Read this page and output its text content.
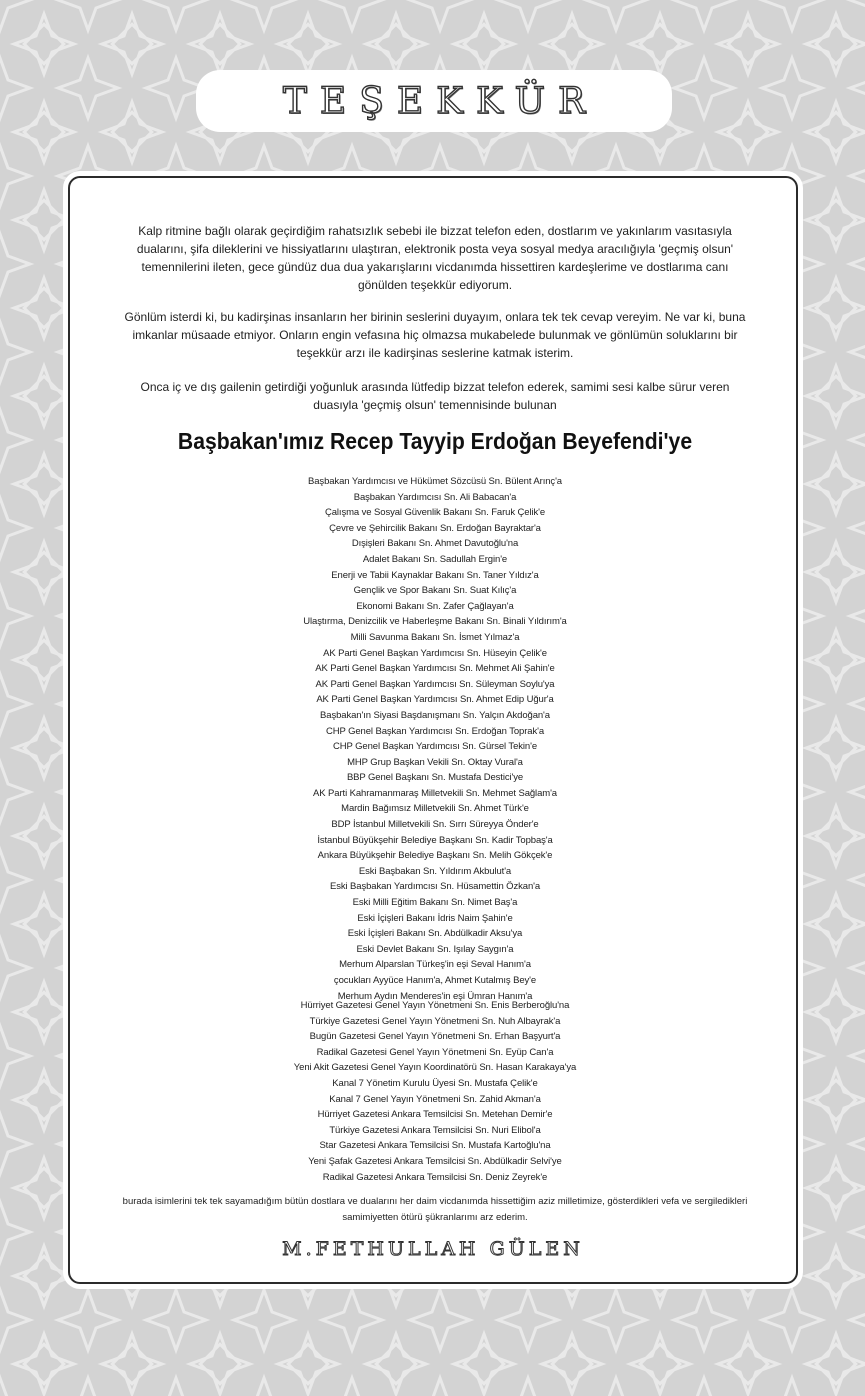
TEŞEKKÜR

Kalp ritmine bağlı olarak geçirdiğim rahatsızlık sebebi ile bizzat telefon eden, dostlarım ve yakınlarım vasıtasıyla dualarını, şifa dileklerini ve hissiyatlarını ulaştıran, elektronik posta veya sosyal medya aracılığıyla 'geçmiş olsun' temennilerini ileten, gece gündüz dua dua yakarışlarını vicdanımda hissettiren kardeşlerime ve dostlarıma canı gönülden teşekkür ediyorum.

Gönlüm isterdi ki, bu kadirşinas insanların her birinin seslerini duyayım, onlara tek tek cevap vereyim. Ne var ki, buna imkanlar müsaade etmiyor. Onların engin vefasına hiç olmazsa mukabelede bulunmak ve gönlümün soluklarını bir teşekkür arzı ile kadirşinas seslerine katmak isterim.

Onca iç ve dış gailenin getirdiği yoğunluk arasında lütfedip bizzat telefon ederek, samimi sesi kalbe sürur veren duasıyla 'geçmiş olsun' temennisinde bulunan

Başbakan'ımız Recep Tayyip Erdoğan Beyefendi'ye
Başbakan Yardımcısı ve Hükümet Sözcüsü Sn. Bülent Arınç'a
Başbakan Yardımcısı Sn. Ali Babacan'a
Çalışma ve Sosyal Güvenlik Bakanı Sn. Faruk Çelik'e
Çevre ve Şehircilik Bakanı Sn. Erdoğan Bayraktar'a
Dışişleri Bakanı Sn. Ahmet Davutoğlu'na
Adalet Bakanı Sn. Sadullah Ergin'e
Enerji ve Tabii Kaynaklar Bakanı Sn. Taner Yıldız'a
Gençlik ve Spor Bakanı Sn. Suat Kılıç'a
Ekonomi Bakanı Sn. Zafer Çağlayan'a
Ulaştırma, Denizcilik ve Haberleşme Bakanı Sn. Binali Yıldırım'a
Milli Savunma Bakanı Sn. İsmet Yılmaz'a
AK Parti Genel Başkan Yardımcısı Sn. Hüseyin Çelik'e
AK Parti Genel Başkan Yardımcısı Sn. Mehmet Ali Şahin'e
AK Parti Genel Başkan Yardımcısı Sn. Süleyman Soylu'ya
AK Parti Genel Başkan Yardımcısı Sn. Ahmet Edip Uğur'a
Başbakan'ın Siyasi Başdanışmanı Sn. Yalçın Akdoğan'a
CHP Genel Başkan Yardımcısı Sn. Erdoğan Toprak'a
CHP Genel Başkan Yardımcısı Sn. Gürsel Tekin'e
MHP Grup Başkan Vekili Sn. Oktay Vural'a
BBP Genel Başkanı Sn. Mustafa Destici'ye
AK Parti Kahramanmaraş Milletvekili Sn. Mehmet Sağlam'a
Mardin Bağımsız Milletvekili Sn. Ahmet Türk'e
BDP İstanbul Milletvekili Sn. Sırrı Süreyya Önder'e
İstanbul Büyükşehir Belediye Başkanı Sn. Kadir Topbaş'a
Ankara Büyükşehir Belediye Başkanı Sn. Melih Gökçek'e
Eski Başbakan Sn. Yıldırım Akbulut'a
Eski Başbakan Yardımcısı Sn. Hüsamettin Özkan'a
Eski Milli Eğitim Bakanı Sn. Nimet Baş'a
Eski İçişleri Bakanı İdris Naim Şahin'e
Eski İçişleri Bakanı Sn. Abdülkadir Aksu'ya
Eski Devlet Bakanı Sn. Işılay Saygın'a
Merhum Alparslan Türkeş'in eşi Seval Hanım'a
çocukları Ayyüce Hanım'a, Ahmet Kutalmış Bey'e
Merhum Aydın Menderes'in eşi Ümran Hanım'a
Hürriyet Gazetesi Genel Yayın Yönetmeni Sn. Enis Berberoğlu'na
Türkiye Gazetesi Genel Yayın Yönetmeni Sn. Nuh Albayrak'a
Bugün Gazetesi Genel Yayın Yönetmeni Sn. Erhan Başyurt'a
Radikal Gazetesi Genel Yayın Yönetmeni Sn. Eyüp Can'a
Yeni Akit Gazetesi Genel Yayın Koordinatörü Sn. Hasan Karakaya'ya
Kanal 7 Yönetim Kurulu Üyesi Sn. Mustafa Çelik'e
Kanal 7 Genel Yayın Yönetmeni Sn. Zahid Akman'a
Hürriyet Gazetesi Ankara Temsilcisi Sn. Metehan Demir'e
Türkiye Gazetesi Ankara Temsilcisi Sn. Nuri Elibol'a
Star Gazetesi Ankara Temsilcisi Sn. Mustafa Kartoğlu'na
Yeni Şafak Gazetesi Ankara Temsilcisi Sn. Abdülkadir Selvi'ye
Radikal Gazetesi Ankara Temsilcisi Sn. Deniz Zeyrek'e

burada isimlerini tek tek sayamadığım bütün dostlara ve dualarını her daim vicdanımda hissettiğim aziz milletimize, gösterdikleri vefa ve sergiledikleri samimiyetten ötürü şükranlarımı arz ederim.

M.FETHULLAH GÜLEN
